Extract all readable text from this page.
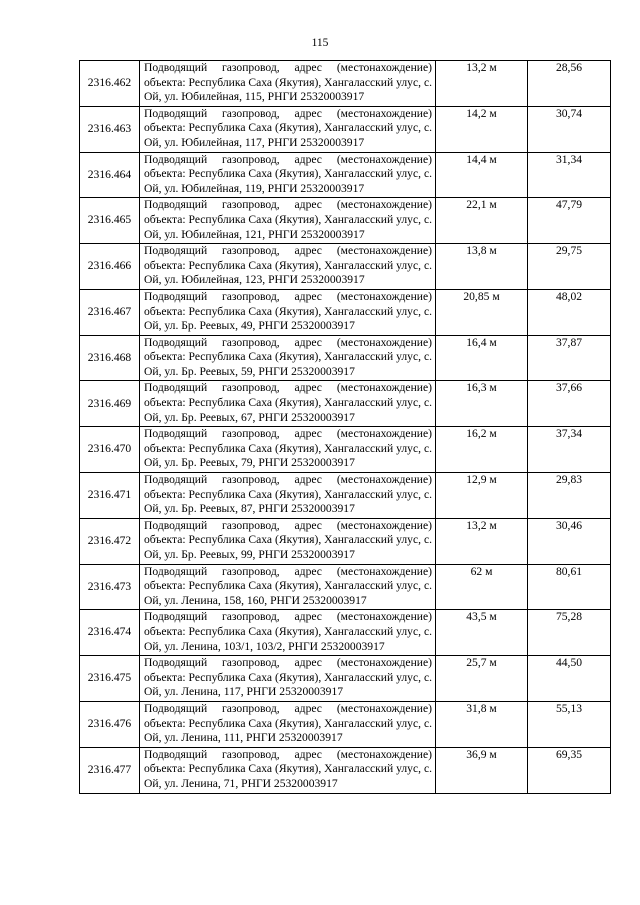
115
2316.462	Подводящий газопровод, адрес (местонахождение) объекта: Республика Саха (Якутия), Хангаласский улус, с. Ой, ул. Юбилейная, 115, РНГИ 25320003917	13,2 м	28,56
2316.463	Подводящий газопровод, адрес (местонахождение) объекта: Республика Саха (Якутия), Хангаласский улус, с. Ой, ул. Юбилейная, 117, РНГИ 25320003917	14,2 м	30,74
2316.464	Подводящий газопровод, адрес (местонахождение) объекта: Республика Саха (Якутия), Хангаласский улус, с. Ой, ул. Юбилейная, 119, РНГИ 25320003917	14,4 м	31,34
2316.465	Подводящий газопровод, адрес (местонахождение) объекта: Республика Саха (Якутия), Хангаласский улус, с. Ой, ул. Юбилейная, 121, РНГИ 25320003917	22,1 м	47,79
2316.466	Подводящий газопровод, адрес (местонахождение) объекта: Республика Саха (Якутия), Хангаласский улус, с. Ой, ул. Юбилейная, 123, РНГИ 25320003917	13,8 м	29,75
2316.467	Подводящий газопровод, адрес (местонахождение) объекта: Республика Саха (Якутия), Хангаласский улус, с. Ой, ул. Бр. Реевых, 49, РНГИ 25320003917	20,85 м	48,02
2316.468	Подводящий газопровод, адрес (местонахождение) объекта: Республика Саха (Якутия), Хангаласский улус, с. Ой, ул. Бр. Реевых, 59, РНГИ 25320003917	16,4 м	37,87
2316.469	Подводящий газопровод, адрес (местонахождение) объекта: Республика Саха (Якутия), Хангаласский улус, с. Ой, ул. Бр. Реевых, 67, РНГИ 25320003917	16,3 м	37,66
2316.470	Подводящий газопровод, адрес (местонахождение) объекта: Республика Саха (Якутия), Хангаласский улус, с. Ой, ул. Бр. Реевых, 79, РНГИ 25320003917	16,2 м	37,34
2316.471	Подводящий газопровод, адрес (местонахождение) объекта: Республика Саха (Якутия), Хангаласский улус, с. Ой, ул. Бр. Реевых, 87, РНГИ 25320003917	12,9 м	29,83
2316.472	Подводящий газопровод, адрес (местонахождение) объекта: Республика Саха (Якутия), Хангаласский улус, с. Ой, ул. Бр. Реевых, 99, РНГИ 25320003917	13,2 м	30,46
2316.473	Подводящий газопровод, адрес (местонахождение) объекта: Республика Саха (Якутия), Хангаласский улус, с. Ой, ул. Ленина, 158, 160, РНГИ 25320003917	62 м	80,61
2316.474	Подводящий газопровод, адрес (местонахождение) объекта: Республика Саха (Якутия), Хангаласский улус, с. Ой, ул. Ленина, 103/1, 103/2, РНГИ 25320003917	43,5 м	75,28
2316.475	Подводящий газопровод, адрес (местонахождение) объекта: Республика Саха (Якутия), Хангаласский улус, с. Ой, ул. Ленина, 117, РНГИ 25320003917	25,7 м	44,50
2316.476	Подводящий газопровод, адрес (местонахождение) объекта: Республика Саха (Якутия), Хангаласский улус, с. Ой, ул. Ленина, 111, РНГИ 25320003917	31,8 м	55,13
2316.477	Подводящий газопровод, адрес (местонахождение) объекта: Республика Саха (Якутия), Хангаласский улус, с. Ой, ул. Ленина, 71, РНГИ 25320003917	36,9 м	69,35
